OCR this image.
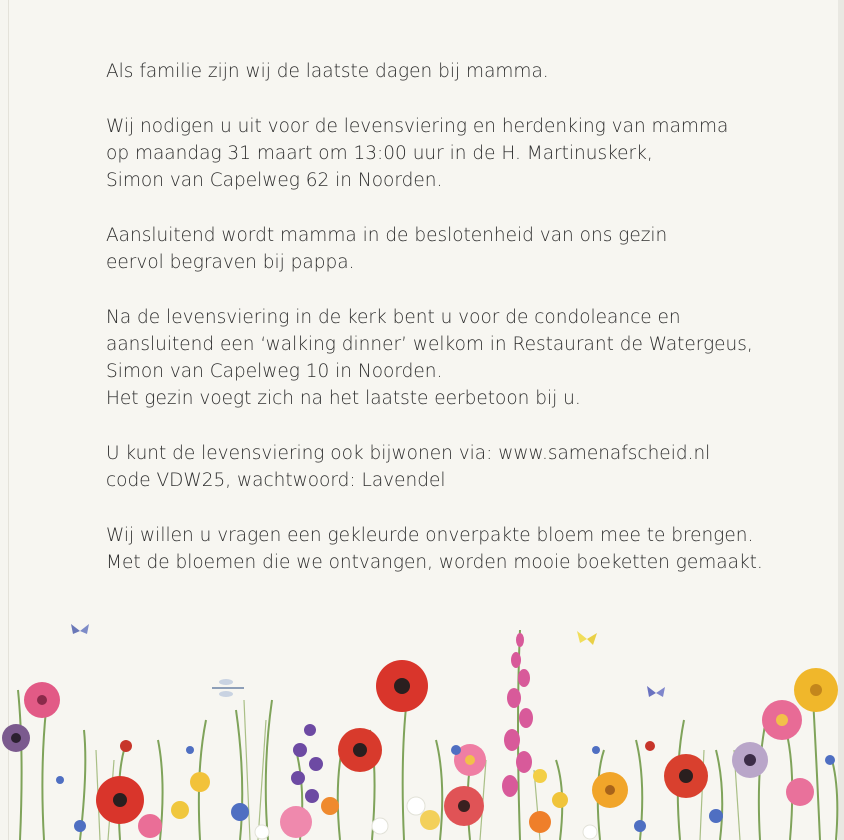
Als familie zijn wij de laatste dagen bij mamma.

Wij nodigen u uit voor de levensviering en herdenking van mamma
op maandag 31 maart om 13:00 uur in de H. Martinuskerk,
Simon van Capelweg 62 in Noorden.

Aansluitend wordt mamma in de beslotenheid van ons gezin
eervol begraven bij pappa.

Na de levensviering in de kerk bent u voor de condoleance en
aansluitend een ‘walking dinner’ welkom in Restaurant de Watergeus,
Simon van Capelweg 10 in Noorden.
Het gezin voegt zich na het laatste eerbetoon bij u.

U kunt de levensviering ook bijwonen via: www.samenafscheid.nl
code VDW25, wachtwoord: Lavendel

Wij willen u vragen een gekleurde onverpakte bloem mee te brengen.
Met de bloemen die we ontvangen, worden mooie boeketten gemaakt.
